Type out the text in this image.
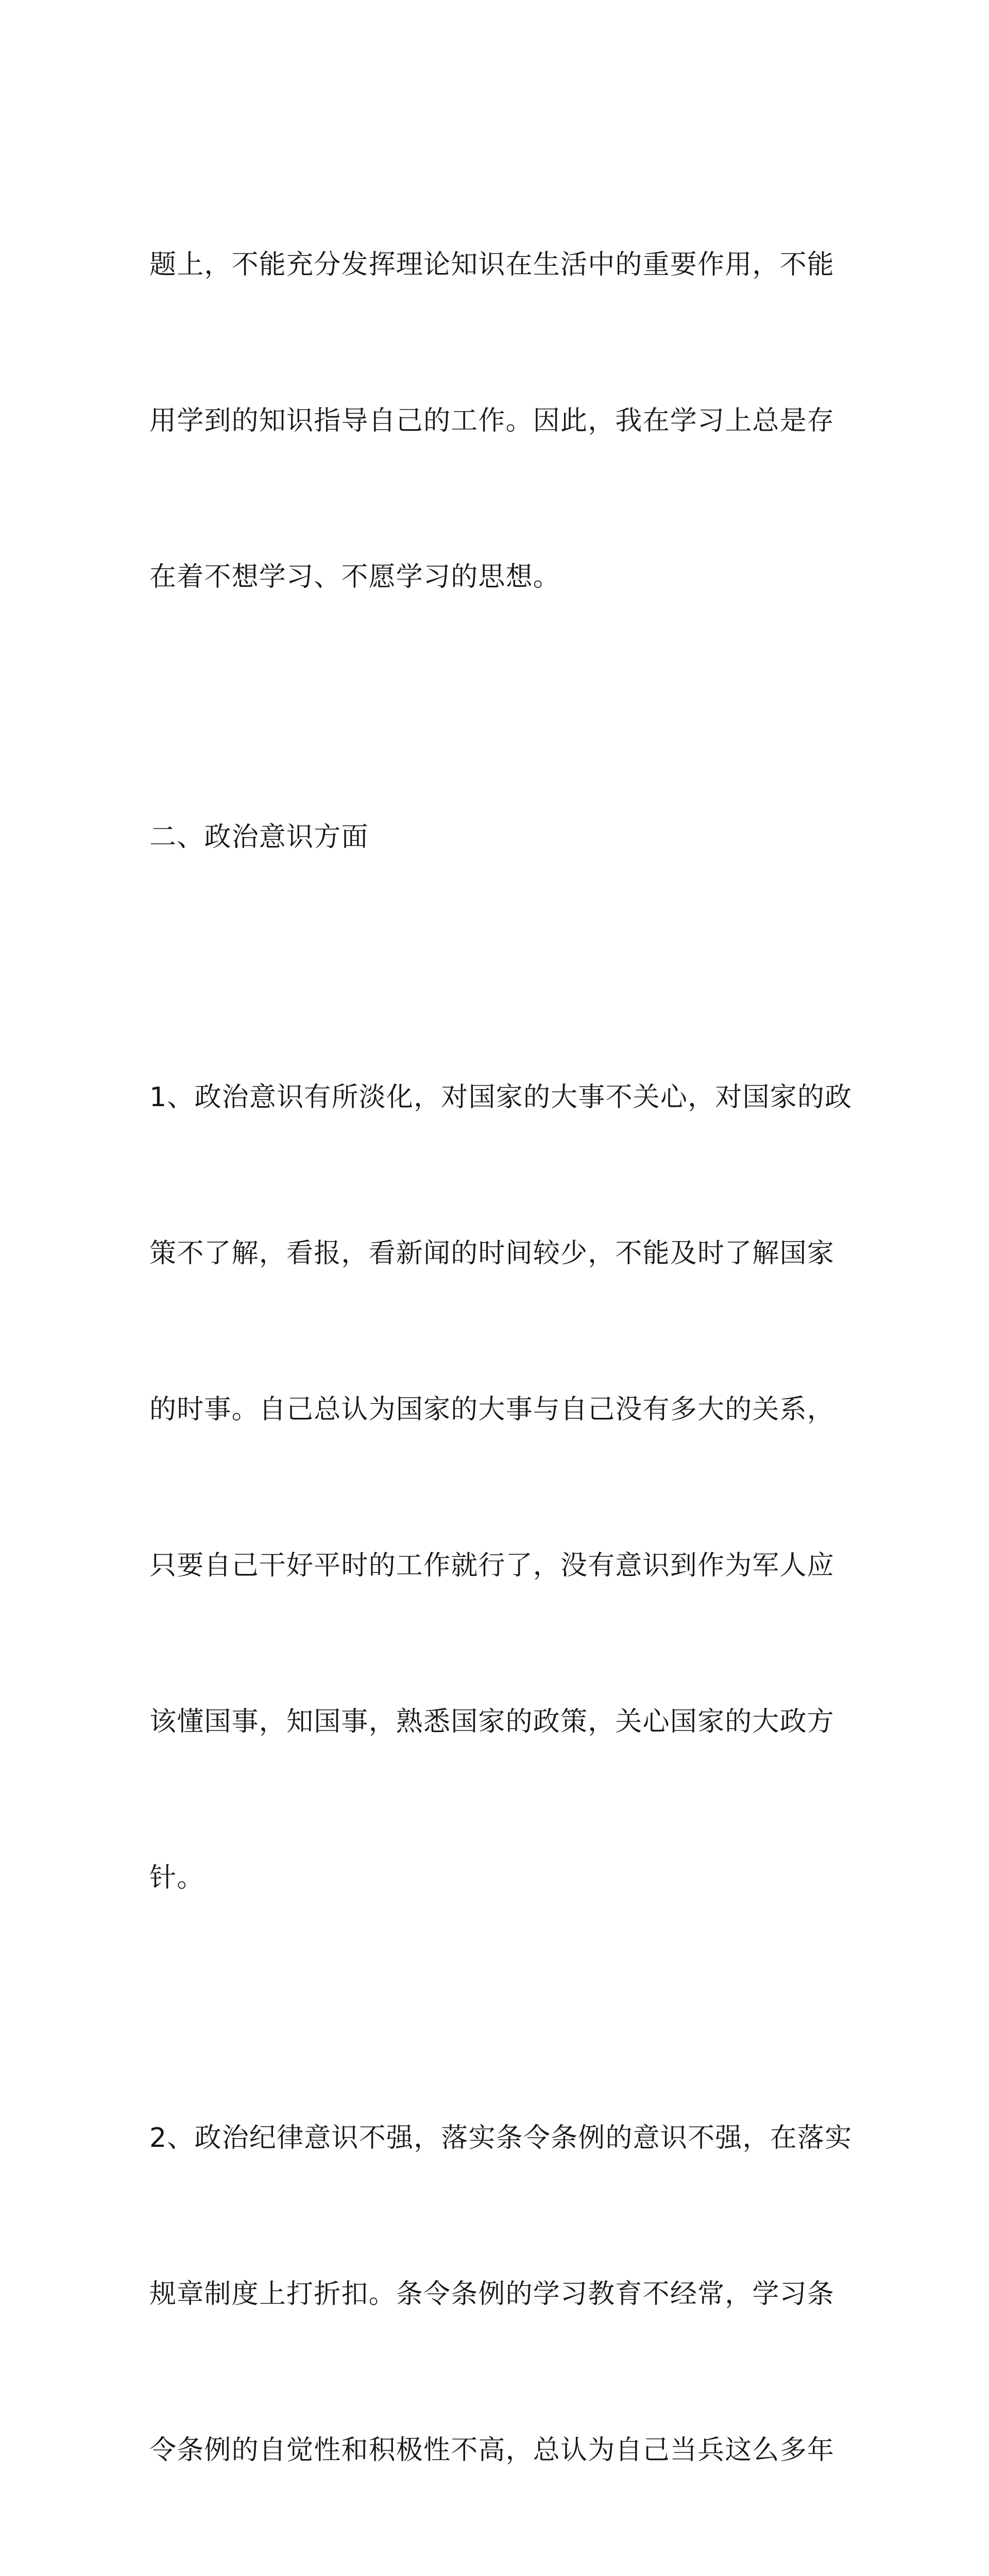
题上，不能充分发挥理论知识在生活中的重要作用，不能

用学到的知识指导自己的工作。因此，我在学习上总是存

在着不想学习、不愿学习的思想。

二、政治意识方面

1、政治意识有所淡化，对国家的大事不关心，对国家的政

策不了解，看报，看新闻的时间较少，不能及时了解国家

的时事。自己总认为国家的大事与自己没有多大的关系，

只要自己干好平时的工作就行了，没有意识到作为军人应

该懂国事，知国事，熟悉国家的政策，关心国家的大政方

针。

2、政治纪律意识不强，落实条令条例的意识不强，在落实

规章制度上打折扣。条令条例的学习教育不经常，学习条

令条例的自觉性和积极性不高，总认为自己当兵这么多年
